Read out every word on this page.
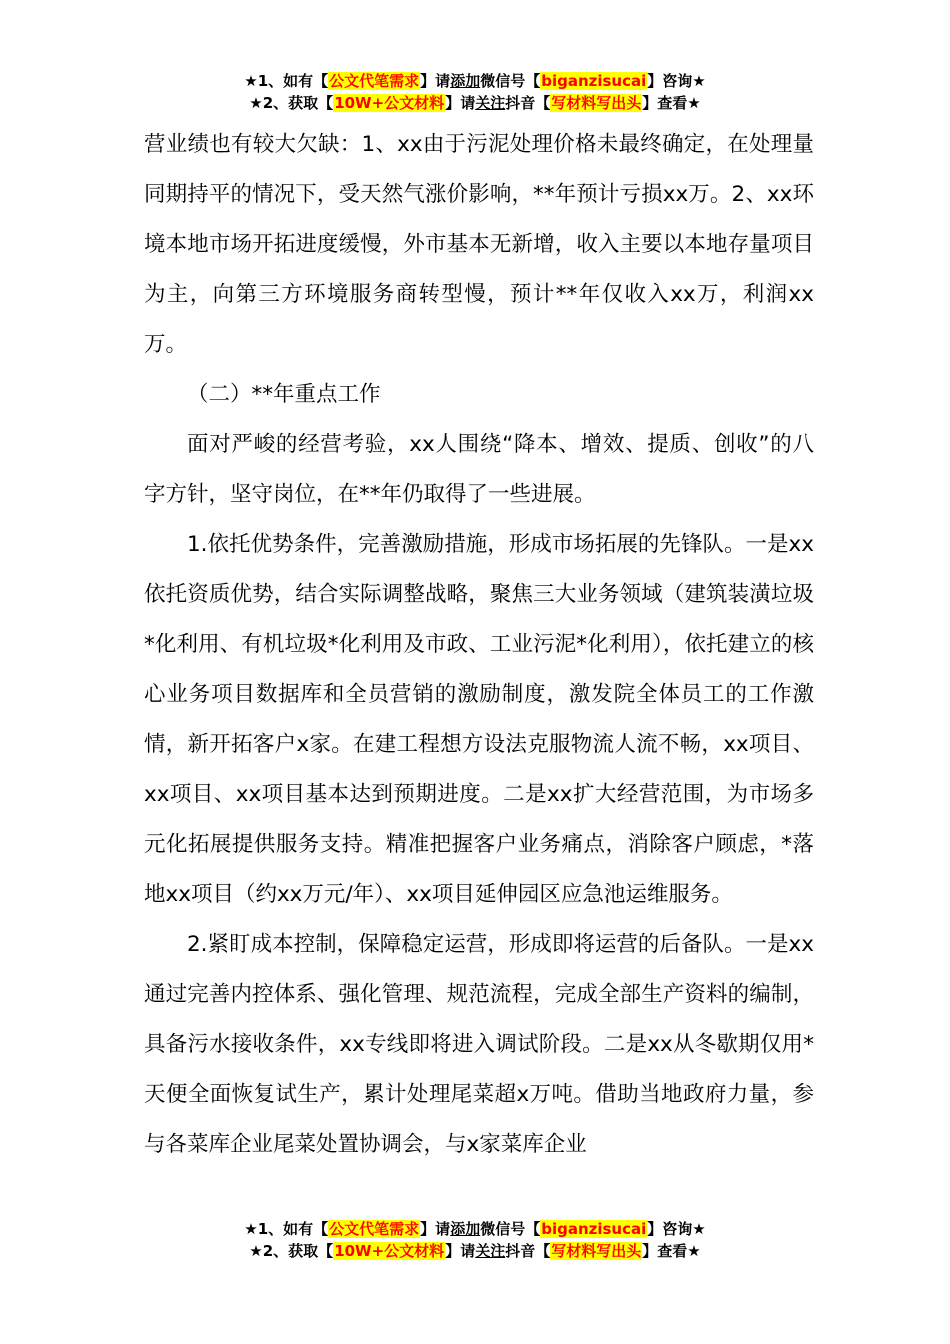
★1、如有【公文代笔需求】请添加微信号【biganzisucai】咨询★
★2、获取【10W+公文材料】请关注抖音【写材料写出头】查看★

营业绩也有较大欠缺：1、xx由于污泥处理价格未最终确定，在处理量同期持平的情况下，受天然气涨价影响，**年预计亏损xx万。2、xx环境本地市场开拓进度缓慢，外市基本无新增，收入主要以本地存量项目为主，向第三方环境服务商转型慢，预计**年仅收入xx万，利润xx万。

（二）**年重点工作

面对严峻的经营考验，xx人围绕“降本、增效、提质、创收”的八字方针，坚守岗位，在**年仍取得了一些进展。

1.依托优势条件，完善激励措施，形成市场拓展的先锋队。一是xx依托资质优势，结合实际调整战略，聚焦三大业务领域（建筑装潢垃圾*化利用、有机垃圾*化利用及市政、工业污泥*化利用），依托建立的核心业务项目数据库和全员营销的激励制度，激发院全体员工的工作激情，新开拓客户x家。在建工程想方设法克服物流人流不畅，xx项目、xx项目、xx项目基本达到预期进度。二是xx扩大经营范围，为市场多元化拓展提供服务支持。精准把握客户业务痛点，消除客户顾虑，*落地xx项目（约xx万元/年）、xx项目延伸园区应急池运维服务。

2.紧盯成本控制，保障稳定运营，形成即将运营的后备队。一是xx通过完善内控体系、强化管理、规范流程，完成全部生产资料的编制，具备污水接收条件，xx专线即将进入调试阶段。二是xx从冬歇期仅用*天便全面恢复试生产，累计处理尾菜超x万吨。借助当地政府力量，参与各菜库企业尾菜处置协调会，与x家菜库企业

★1、如有【公文代笔需求】请添加微信号【biganzisucai】咨询★
★2、获取【10W+公文材料】请关注抖音【写材料写出头】查看★
